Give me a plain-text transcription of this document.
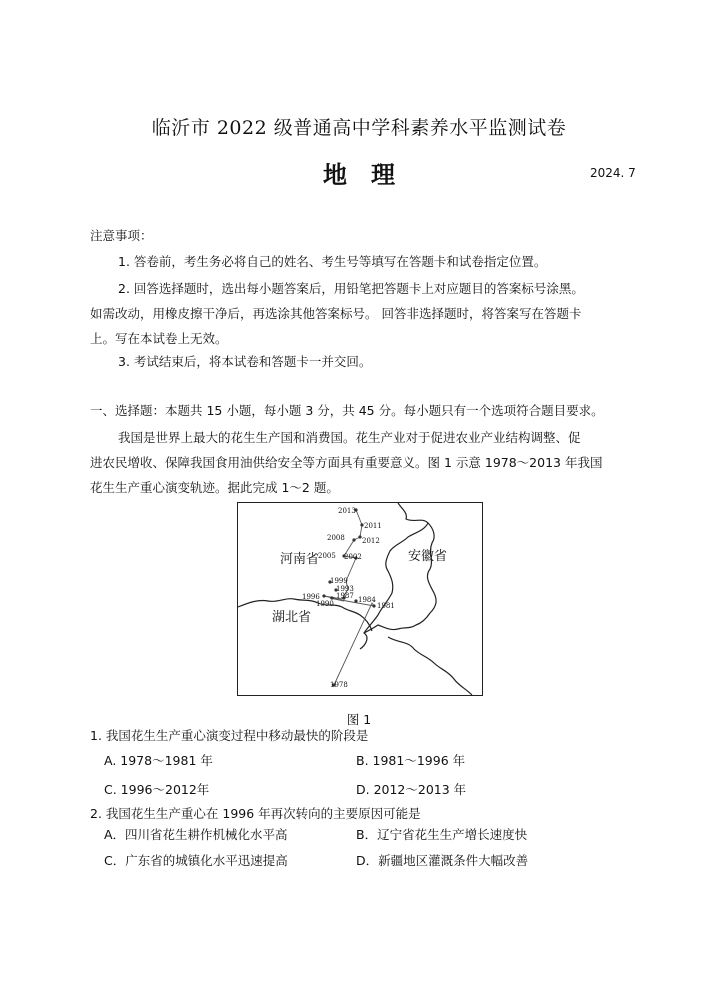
临沂市 2022 级普通高中学科素养水平监测试卷
地　理	2024. 7
注意事项：
1. 答卷前，考生务必将自己的姓名、考生号等填写在答题卡和试卷指定位置。
2. 回答选择题时，选出每小题答案后，用铅笔把答题卡上对应题目的答案标号涂黑。
如需改动，用橡皮擦干净后，再选涂其他答案标号。 回答非选择题时，将答案写在答题卡
上。写在本试卷上无效。
3. 考试结束后，将本试卷和答题卡一并交回。
一、选择题：本题共 15 小题，每小题 3 分，共 45 分。每小题只有一个选项符合题目要求。
我国是世界上最大的花生生产国和消费国。花生产业对于促进农业产业结构调整、促
进农民增收、保障我国食用油供给安全等方面具有重要意义。图 1 示意 1978～2013 年我国
花生生产重心演变轨迹。据此完成 1～2 题。
河南省	安徽省
湖北省
2013
2011
2008 2012
2005 2002
1999
1993
1987
1996	1984
1990	1981
1978
图 1
1. 我国花生生产重心演变过程中移动最快的阶段是
A. 1978～1981 年	B. 1981～1996 年
C. 1996～2012年	D. 2012～2013 年
2. 我国花生生产重心在 1996 年再次转向的主要原因可能是
A．四川省花生耕作机械化水平高	B．辽宁省花生生产增长速度快
C．广东省的城镇化水平迅速提高	D．新疆地区灌溉条件大幅改善
